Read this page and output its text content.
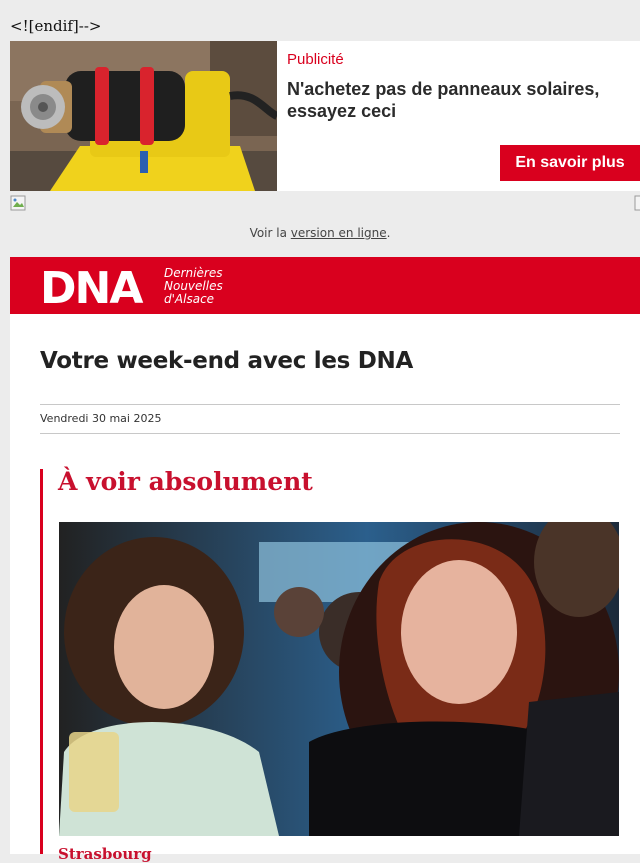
<![endif]-->
Publicité
N'achetez pas de panneaux solaires, essayez ceci
En savoir plus
Voir la version en ligne.
DNA Dernières
Nouvelles
d'Alsace
Votre week-end avec les DNA
Vendredi 30 mai 2025
À voir absolument
Strasbourg
